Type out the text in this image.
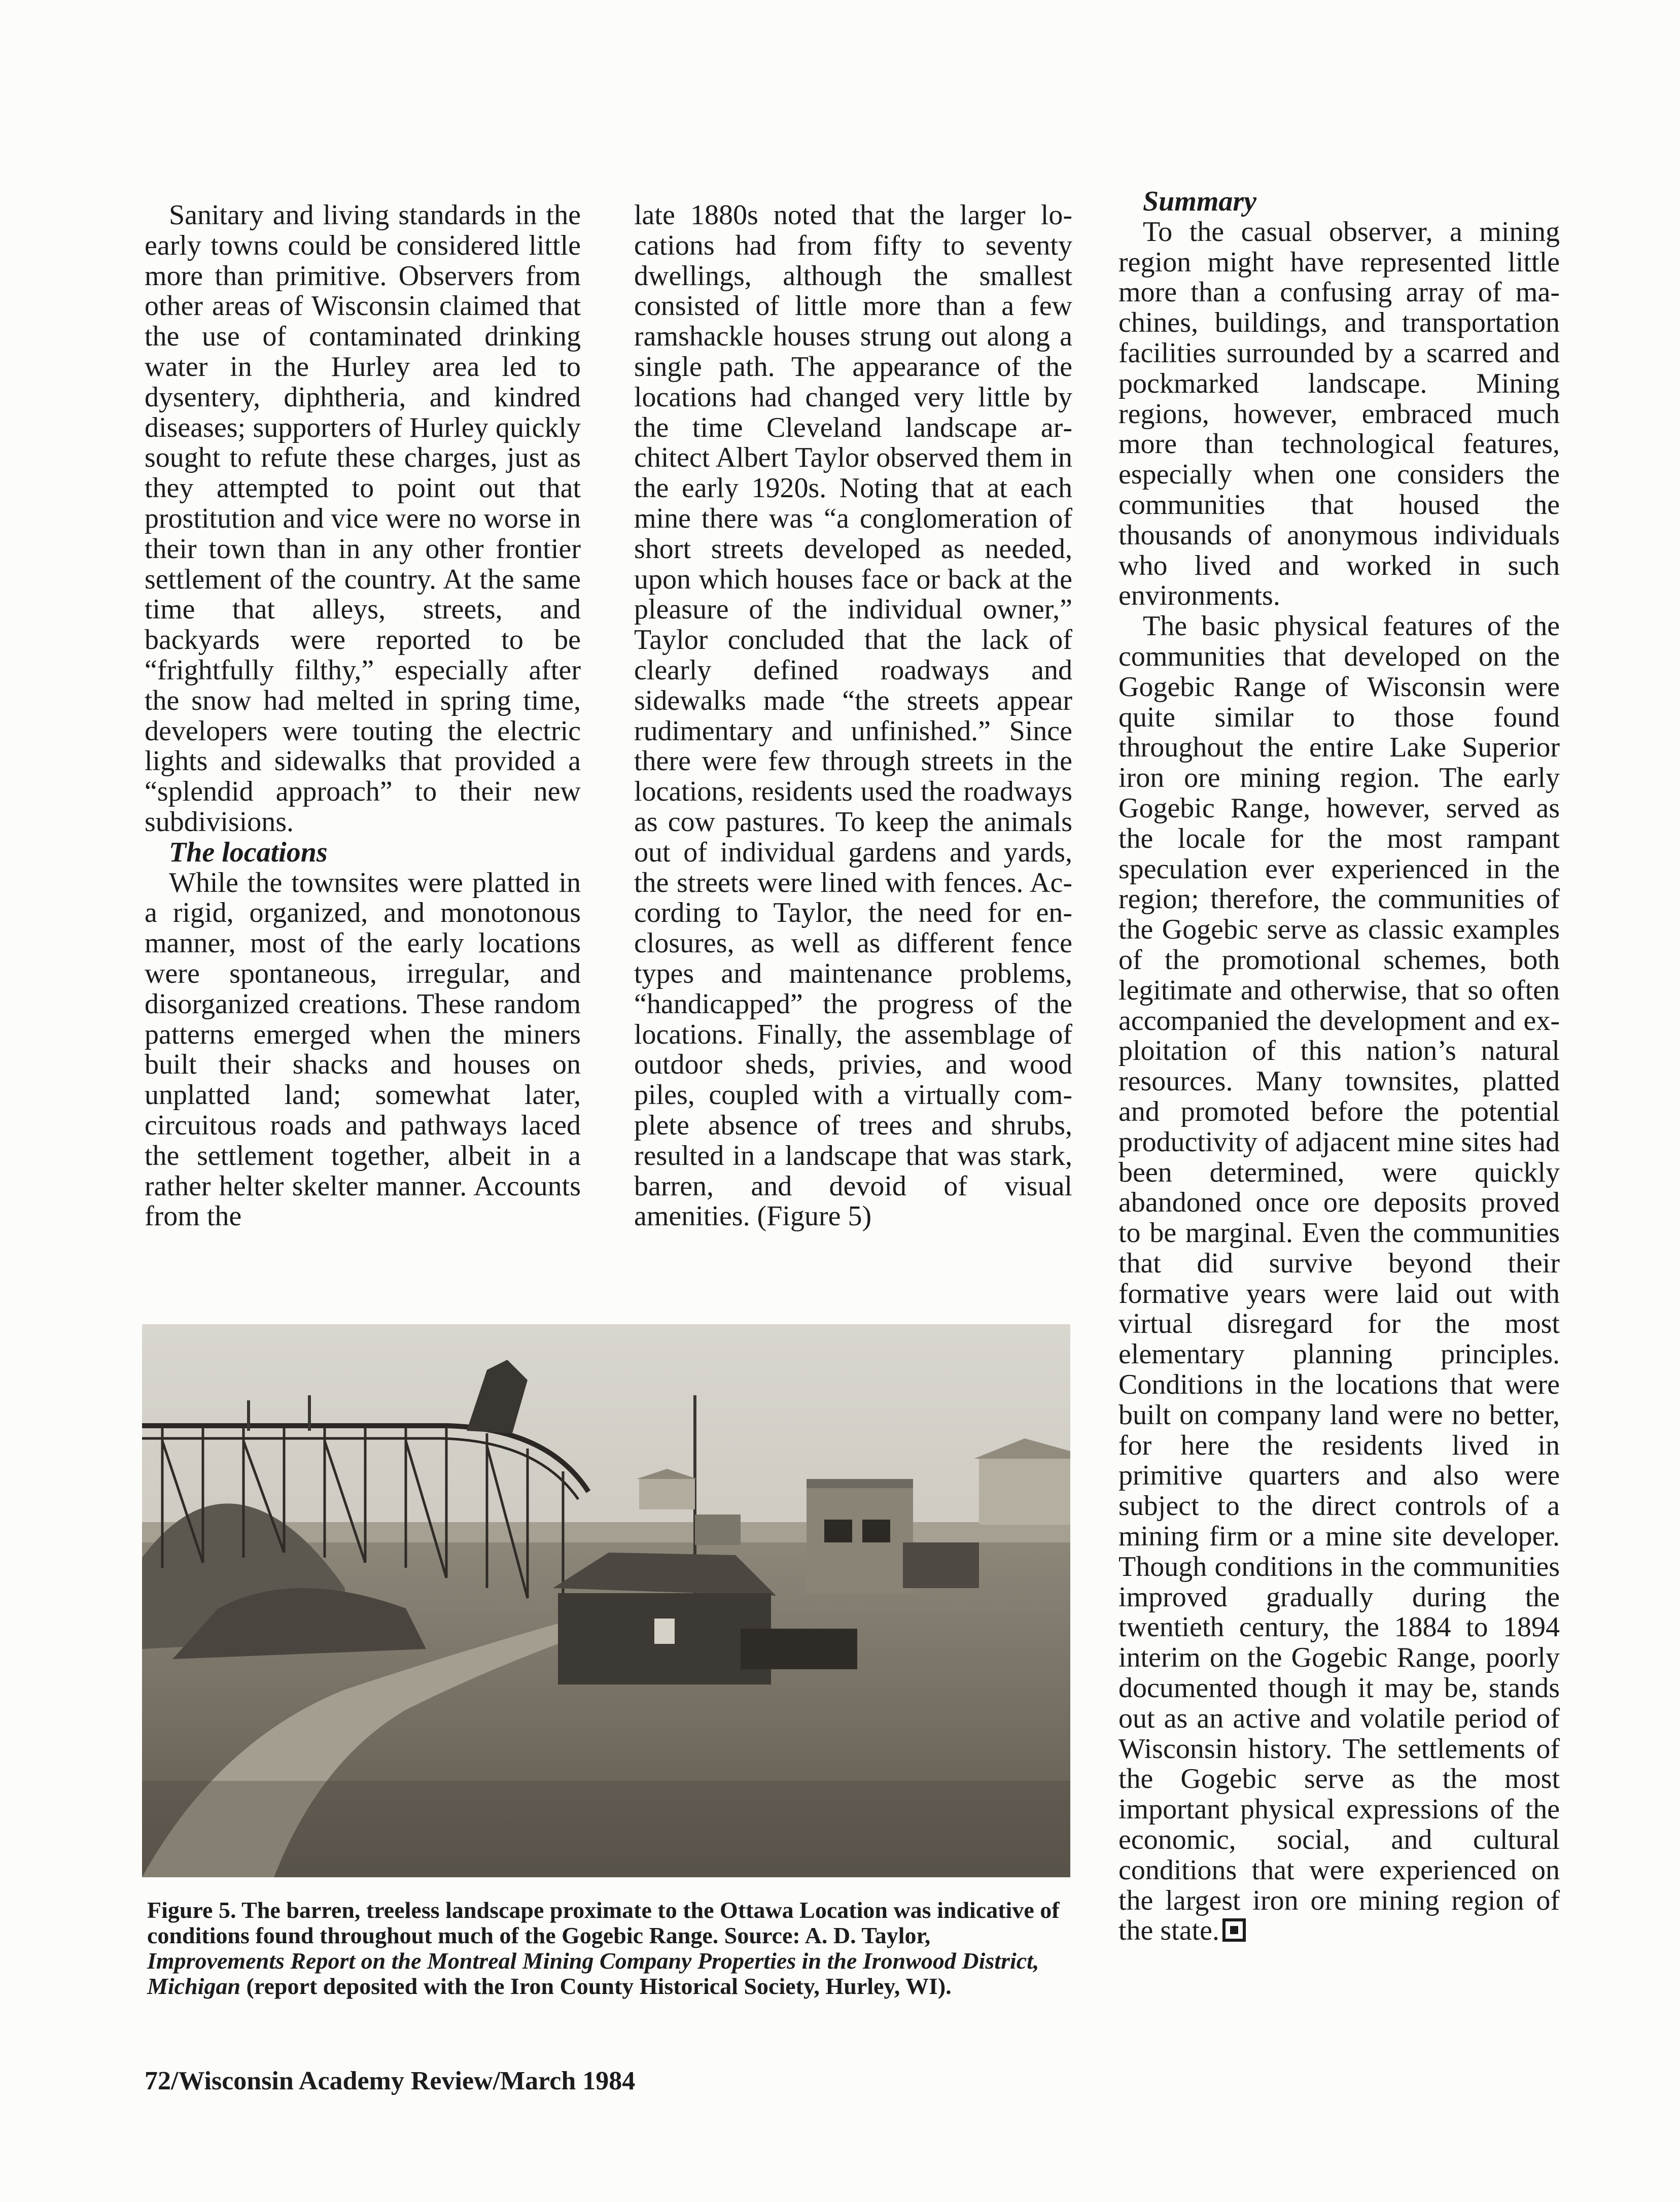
Sanitary and living standards in the early towns could be considered little more than primitive. Observers from other areas of Wisconsin claimed that the use of contaminated drinking water in the Hurley area led to dysentery, diphtheria, and kindred diseases; supporters of Hurley quickly sought to refute these charges, just as they attempted to point out that prostitution and vice were no worse in their town than in any other frontier settlement of the country. At the same time that alleys, streets, and backyards were reported to be “frightfully filthy,” especially after the snow had melted in spring time, developers were touting the electric lights and sidewalks that provided a “splendid approach” to their new subdivisions.

The locations

While the townsites were platted in a rigid, organized, and monotonous manner, most of the early locations were spontaneous, irregular, and disorganized creations. These random patterns emerged when the miners built their shacks and houses on unplatted land; somewhat later, circuitous roads and pathways laced the settlement together, albeit in a rather helter skelter manner. Accounts from the

late 1880s noted that the larger locations had from fifty to seventy dwellings, although the smallest consisted of little more than a few ramshackle houses strung out along a single path. The appearance of the locations had changed very little by the time Cleveland landscape architect Albert Taylor observed them in the early 1920s. Noting that at each mine there was “a conglomeration of short streets developed as needed, upon which houses face or back at the pleasure of the individual owner,” Taylor concluded that the lack of clearly defined roadways and sidewalks made “the streets appear rudimentary and unfinished.” Since there were few through streets in the locations, residents used the roadways as cow pastures. To keep the animals out of individual gardens and yards, the streets were lined with fences. According to Taylor, the need for enclosures, as well as different fence types and maintenance problems, “handicapped” the progress of the locations. Finally, the assemblage of outdoor sheds, privies, and wood piles, coupled with a virtually complete absence of trees and shrubs, resulted in a landscape that was stark, barren, and devoid of visual amenities. (Figure 5)

Summary

To the casual observer, a mining region might have represented little more than a confusing array of machines, buildings, and transportation facilities surrounded by a scarred and pockmarked landscape. Mining regions, however, embraced much more than technological features, especially when one considers the communities that housed the thousands of anonymous individuals who lived and worked in such environments.

The basic physical features of the communities that developed on the Gogebic Range of Wisconsin were quite similar to those found throughout the entire Lake Superior iron ore mining region. The early Gogebic Range, however, served as the locale for the most rampant speculation ever experienced in the region; therefore, the communities of the Gogebic serve as classic examples of the promotional schemes, both legitimate and otherwise, that so often accompanied the development and exploitation of this nation’s natural resources. Many townsites, platted and promoted before the potential productivity of adjacent mine sites had been determined, were quickly abandoned once ore deposits proved to be marginal. Even the communities that did survive beyond their formative years were laid out with virtual disregard for the most elementary planning principles. Conditions in the locations that were built on company land were no better, for here the residents lived in primitive quarters and also were subject to the direct controls of a mining firm or a mine site developer. Though conditions in the communities improved gradually during the twentieth century, the 1884 to 1894 interim on the Gogebic Range, poorly documented though it may be, stands out as an active and volatile period of Wisconsin history. The settlements of the Gogebic serve as the most important physical expressions of the economic, social, and cultural conditions that were experienced on the largest iron ore mining region of the state.

Figure 5. The barren, treeless landscape proximate to the Ottawa Location was indicative of conditions found throughout much of the Gogebic Range. Source: A. D. Taylor, Improvements Report on the Montreal Mining Company Properties in the Ironwood District, Michigan (report deposited with the Iron County Historical Society, Hurley, WI).
72/Wisconsin Academy Review/March 1984
